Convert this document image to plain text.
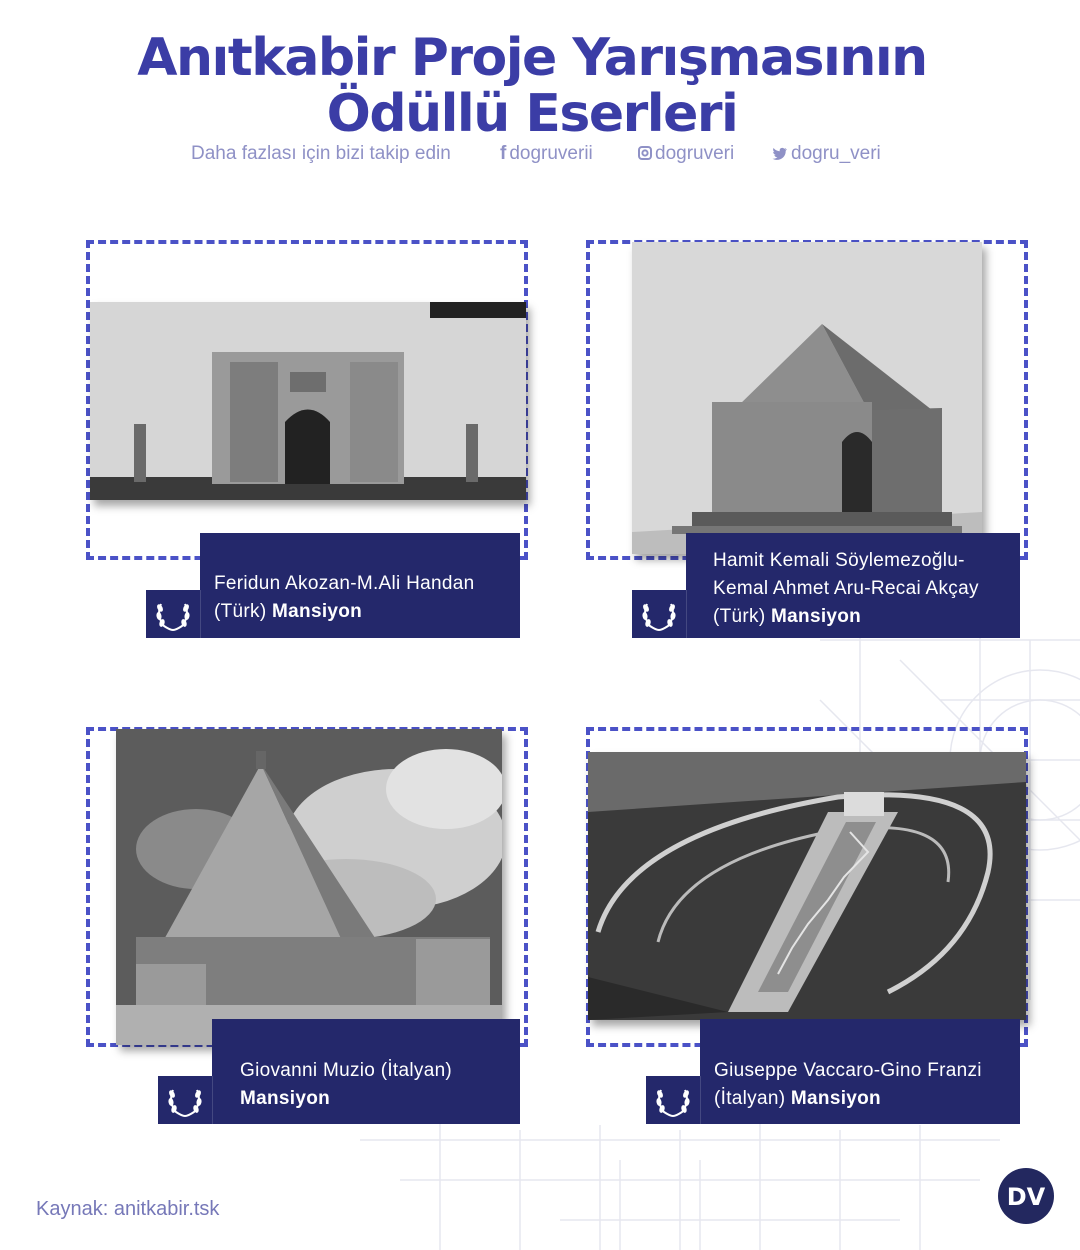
Anıtkabir Proje Yarışmasının
Ödüllü Eserleri
Daha fazlası için bizi takip edin	f dogruverii	dogruveri	dogru_veri
Feridun Akozan-M.Ali Handan
(Türk) Mansiyon
Hamit Kemali Söylemezoğlu-
Kemal Ahmet Aru-Recai Akçay
(Türk) Mansiyon
Giovanni Muzio (İtalyan)
Mansiyon
Giuseppe Vaccaro-Gino Franzi
(İtalyan) Mansiyon
Kaynak: anitkabir.tsk	DV
